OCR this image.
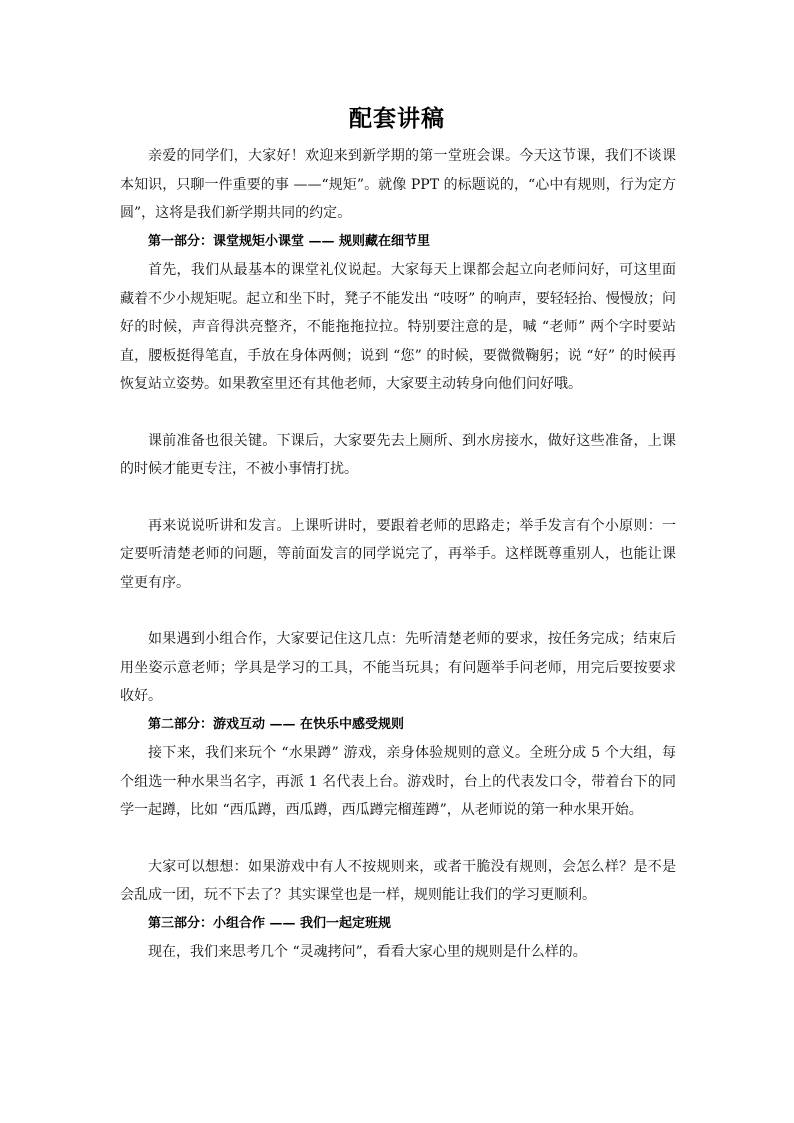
配套讲稿

亲爱的同学们，大家好！欢迎来到新学期的第一堂班会课。今天这节课，我们不谈课本知识，只聊一件重要的事 ——“规矩”。就像 PPT 的标题说的，“心中有规则，行为定方圆”，这将是我们新学期共同的约定。

第一部分：课堂规矩小课堂 —— 规则藏在细节里

首先，我们从最基本的课堂礼仪说起。大家每天上课都会起立向老师问好，可这里面藏着不少小规矩呢。起立和坐下时，凳子不能发出 “吱呀” 的响声，要轻轻抬、慢慢放；问好的时候，声音得洪亮整齐，不能拖拖拉拉。特别要注意的是，喊 “老师” 两个字时要站直，腰板挺得笔直，手放在身体两侧；说到 “您” 的时候，要微微鞠躬；说 “好” 的时候再恢复站立姿势。如果教室里还有其他老师，大家要主动转身向他们问好哦。

课前准备也很关键。下课后，大家要先去上厕所、到水房接水，做好这些准备，上课的时候才能更专注，不被小事情打扰。

再来说说听讲和发言。上课听讲时，要跟着老师的思路走；举手发言有个小原则：一定要听清楚老师的问题，等前面发言的同学说完了，再举手。这样既尊重别人，也能让课堂更有序。

如果遇到小组合作，大家要记住这几点：先听清楚老师的要求，按任务完成；结束后用坐姿示意老师；学具是学习的工具，不能当玩具；有问题举手问老师，用完后要按要求收好。

第二部分：游戏互动 —— 在快乐中感受规则

接下来，我们来玩个 “水果蹲” 游戏，亲身体验规则的意义。全班分成 5 个大组，每个组选一种水果当名字，再派 1 名代表上台。游戏时，台上的代表发口令，带着台下的同学一起蹲，比如 “西瓜蹲，西瓜蹲，西瓜蹲完榴莲蹲”，从老师说的第一种水果开始。

大家可以想想：如果游戏中有人不按规则来，或者干脆没有规则，会怎么样？是不是会乱成一团，玩不下去了？其实课堂也是一样，规则能让我们的学习更顺利。

第三部分：小组合作 —— 我们一起定班规

现在，我们来思考几个 “灵魂拷问”，看看大家心里的规则是什么样的。
